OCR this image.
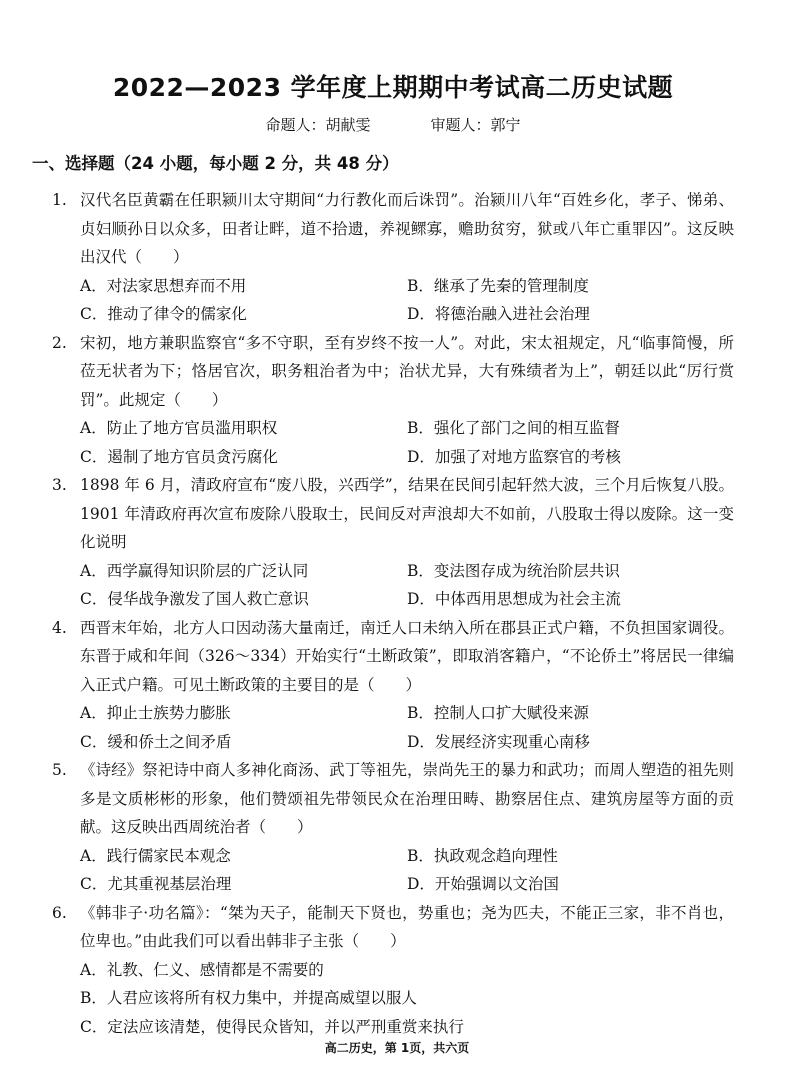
2022—2023 学年度上期期中考试高二历史试题
命题人：胡献雯	审题人：郭宁
一、选择题（24 小题，每小题 2 分，共 48 分）
1. 汉代名臣黄霸在任职颍川太守期间“力行教化而后诛罚”。治颍川八年“百姓乡化，孝子、悌弟、贞妇顺孙日以众多，田者让畔，道不拾遗，养视鳏寡，赡助贫穷，狱或八年亡重罪囚”。这反映出汉代（　　）
A．对法家思想弃而不用	B．继承了先秦的管理制度
C．推动了律令的儒家化	D．将德治融入进社会治理
2. 宋初，地方兼职监察官“多不守职，至有岁终不按一人”。对此，宋太祖规定，凡“临事简慢，所莅无状者为下；恪居官次，职务粗治者为中；治状尤异，大有殊绩者为上”，朝廷以此“厉行赏罚”。此规定（　　）
A．防止了地方官员滥用职权	B．强化了部门之间的相互监督
C．遏制了地方官员贪污腐化	D．加强了对地方监察官的考核
3. 1898 年 6 月，清政府宣布“废八股，兴西学”，结果在民间引起轩然大波，三个月后恢复八股。1901 年清政府再次宣布废除八股取士，民间反对声浪却大不如前，八股取士得以废除。这一变化说明
A．西学赢得知识阶层的广泛认同	B．变法图存成为统治阶层共识
C．侵华战争激发了国人救亡意识	D．中体西用思想成为社会主流
4. 西晋末年始，北方人口因动荡大量南迁，南迁人口未纳入所在郡县正式户籍，不负担国家调役。东晋于咸和年间（326～334）开始实行“土断政策”，即取消客籍户，“不论侨土”将居民一律编入正式户籍。可见土断政策的主要目的是（　　）
A．抑止士族势力膨胀	B．控制人口扩大赋役来源
C．缓和侨土之间矛盾	D．发展经济实现重心南移
5. 《诗经》祭祀诗中商人多神化商汤、武丁等祖先，崇尚先王的暴力和武功；而周人塑造的祖先则多是文质彬彬的形象，他们赞颂祖先带领民众在治理田畴、勘察居住点、建筑房屋等方面的贡献。这反映出西周统治者（　　）
A．践行儒家民本观念	B．执政观念趋向理性
C．尤其重视基层治理	D．开始强调以文治国
6. 《韩非子·功名篇》：“桀为天子，能制天下贤也，势重也；尧为匹夫，不能正三家，非不肖也，位卑也。”由此我们可以看出韩非子主张（　　）
A．礼教、仁义、感情都是不需要的
B．人君应该将所有权力集中，并提高威望以服人
C．定法应该清楚，使得民众皆知，并以严刑重赏来执行
高二历史，第 1页，共六页
